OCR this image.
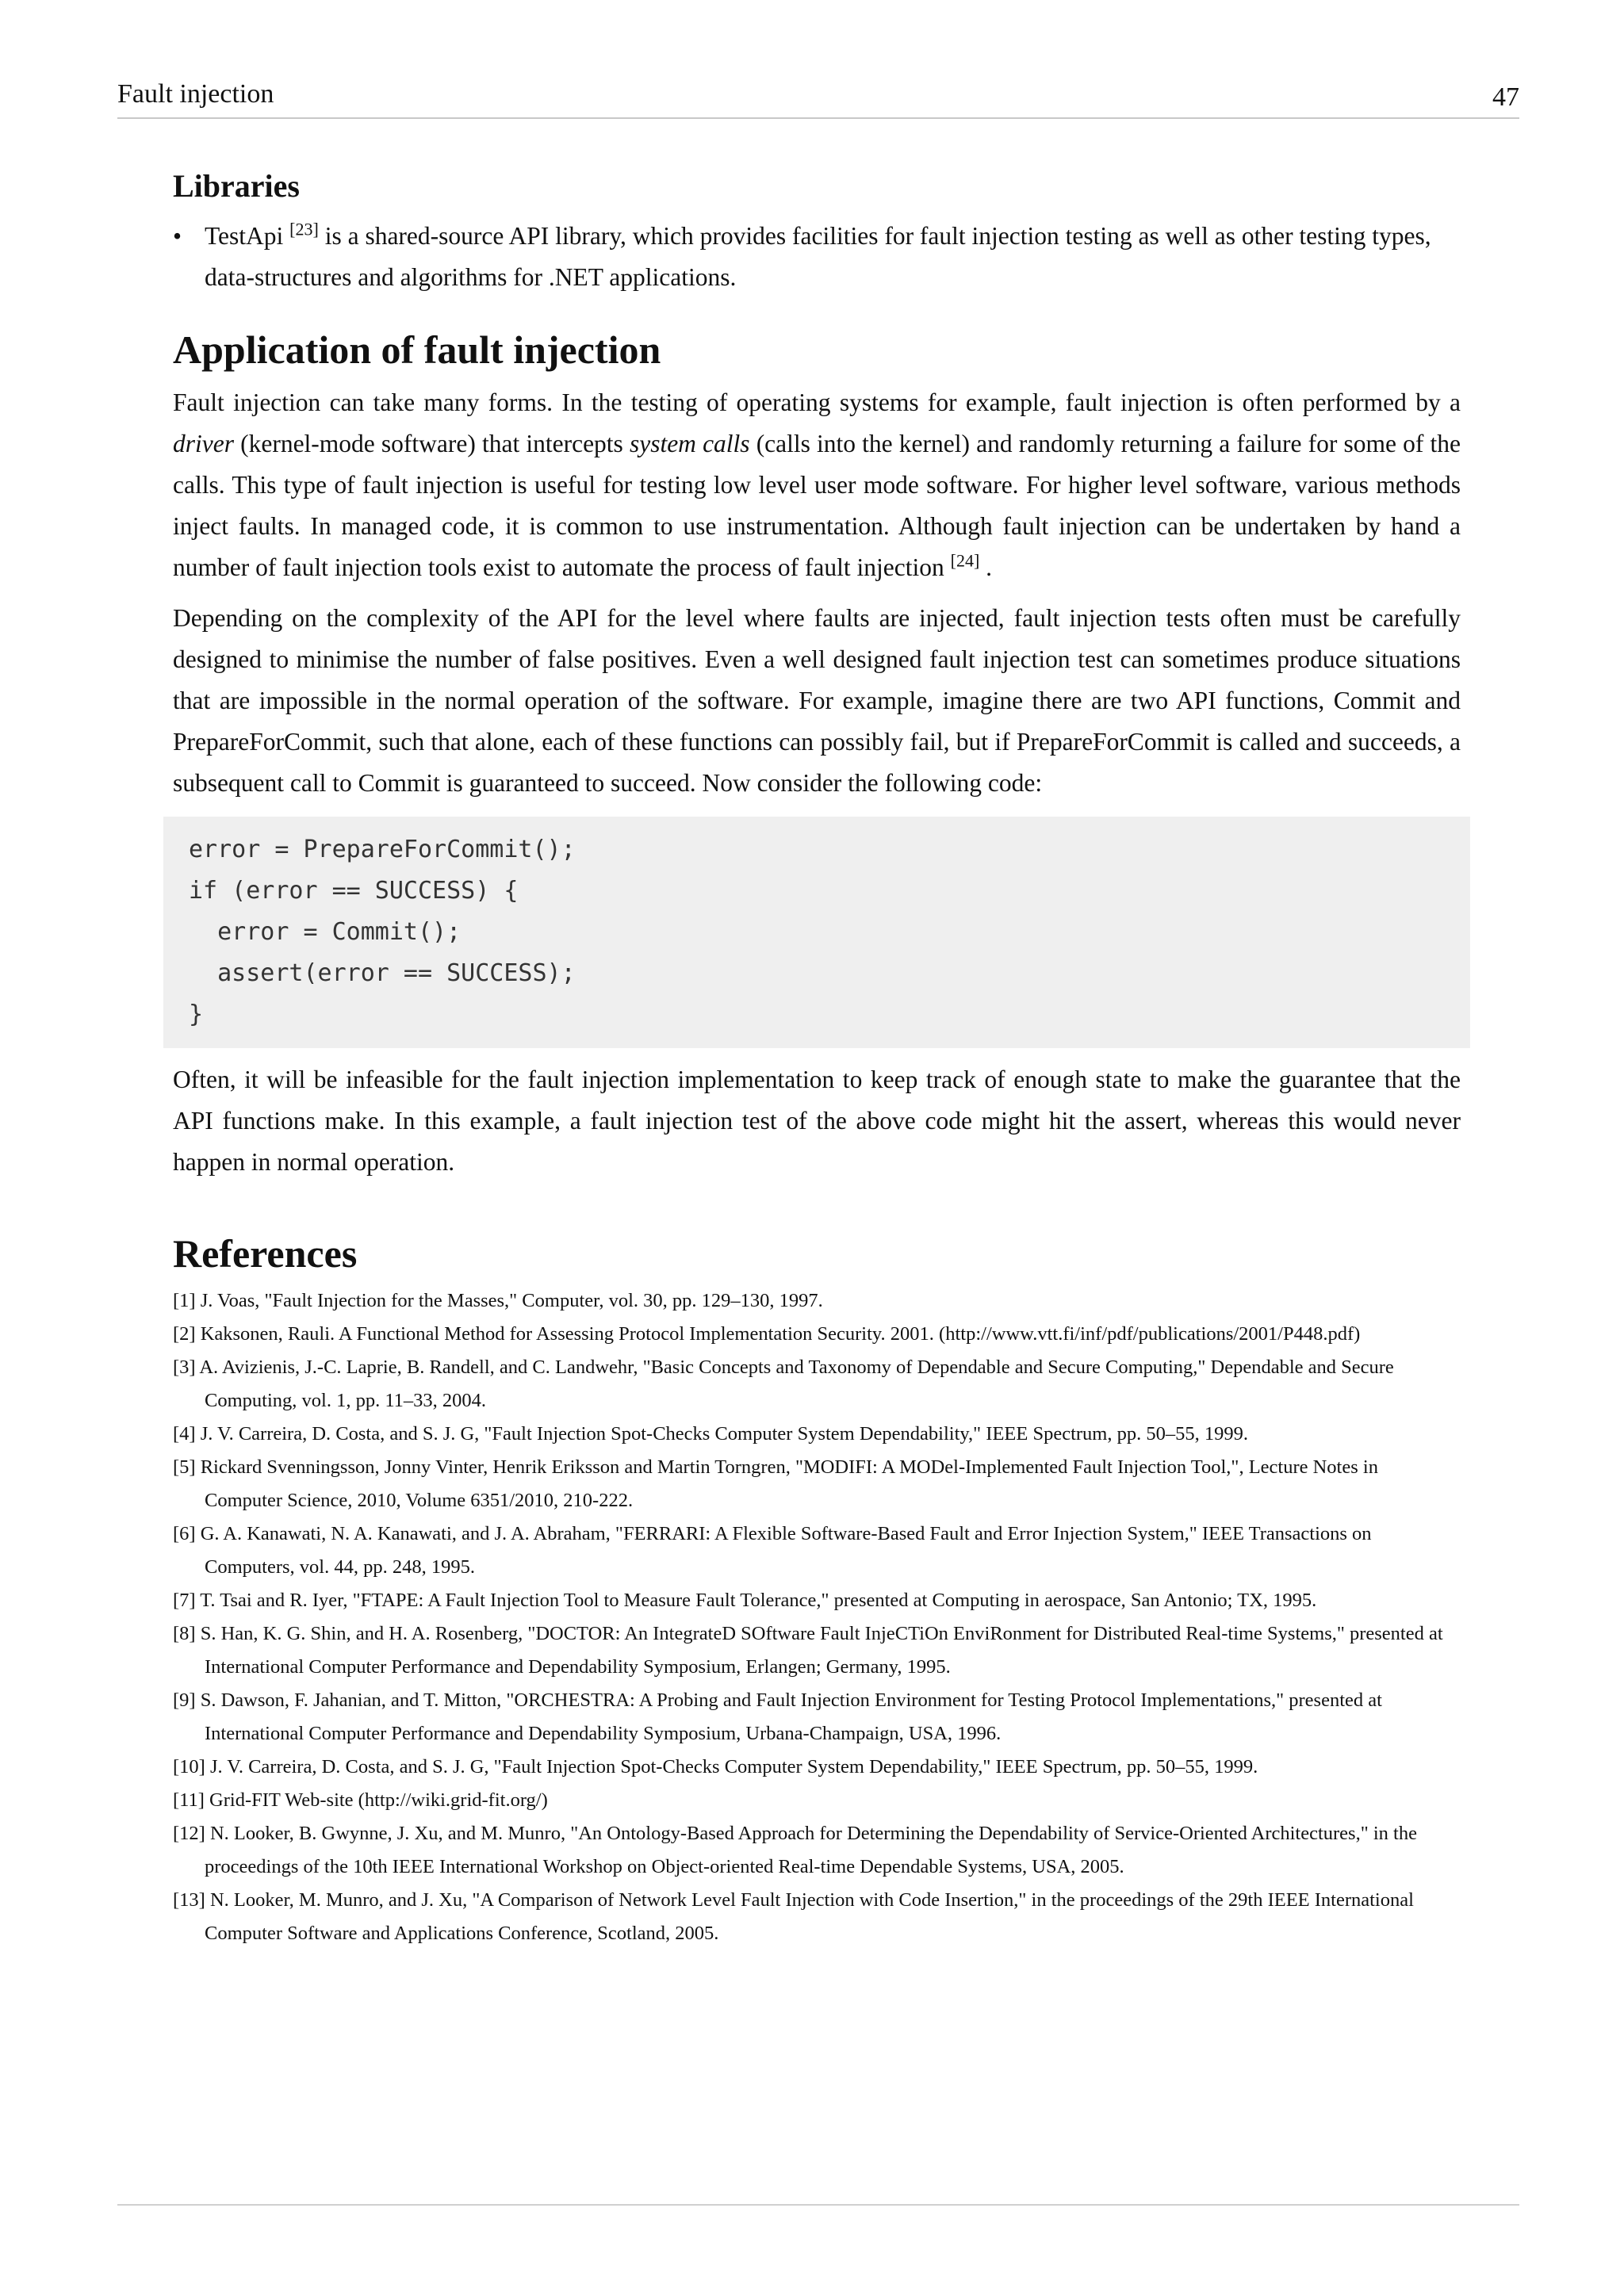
Fault injection	47
Libraries
• TestApi [23] is a shared-source API library, which provides facilities for fault injection testing as well as other testing types, data-structures and algorithms for .NET applications.
Application of fault injection

Fault injection can take many forms. In the testing of operating systems for example, fault injection is often performed by a driver (kernel-mode software) that intercepts system calls (calls into the kernel) and randomly returning a failure for some of the calls. This type of fault injection is useful for testing low level user mode software. For higher level software, various methods inject faults. In managed code, it is common to use instrumentation. Although fault injection can be undertaken by hand a number of fault injection tools exist to automate the process of fault injection [24] .

Depending on the complexity of the API for the level where faults are injected, fault injection tests often must be carefully designed to minimise the number of false positives. Even a well designed fault injection test can sometimes produce situations that are impossible in the normal operation of the software. For example, imagine there are two API functions, Commit and PrepareForCommit, such that alone, each of these functions can possibly fail, but if PrepareForCommit is called and succeeds, a subsequent call to Commit is guaranteed to succeed. Now consider the following code:

error = PrepareForCommit();
if (error == SUCCESS) {
error = Commit();
assert(error == SUCCESS);
}

Often, it will be infeasible for the fault injection implementation to keep track of enough state to make the guarantee that the API functions make. In this example, a fault injection test of the above code might hit the assert, whereas this would never happen in normal operation.

References
[1] J. Voas, "Fault Injection for the Masses," Computer, vol. 30, pp. 129–130, 1997.
[2] Kaksonen, Rauli. A Functional Method for Assessing Protocol Implementation Security. 2001. (http://www.vtt.fi/inf/pdf/publications/2001/P448.pdf)
[3] A. Avizienis, J.-C. Laprie, B. Randell, and C. Landwehr, "Basic Concepts and Taxonomy of Dependable and Secure Computing," Dependable and Secure Computing, vol. 1, pp. 11–33, 2004.
[4] J. V. Carreira, D. Costa, and S. J. G, "Fault Injection Spot-Checks Computer System Dependability," IEEE Spectrum, pp. 50–55, 1999.
[5] Rickard Svenningsson, Jonny Vinter, Henrik Eriksson and Martin Torngren, "MODIFI: A MODel-Implemented Fault Injection Tool,", Lecture Notes in Computer Science, 2010, Volume 6351/2010, 210-222.
[6] G. A. Kanawati, N. A. Kanawati, and J. A. Abraham, "FERRARI: A Flexible Software-Based Fault and Error Injection System," IEEE Transactions on Computers, vol. 44, pp. 248, 1995.
[7] T. Tsai and R. Iyer, "FTAPE: A Fault Injection Tool to Measure Fault Tolerance," presented at Computing in aerospace, San Antonio; TX, 1995.
[8] S. Han, K. G. Shin, and H. A. Rosenberg, "DOCTOR: An IntegrateD SOftware Fault InjeCTiOn EnviRonment for Distributed Real-time Systems," presented at International Computer Performance and Dependability Symposium, Erlangen; Germany, 1995.
[9] S. Dawson, F. Jahanian, and T. Mitton, "ORCHESTRA: A Probing and Fault Injection Environment for Testing Protocol Implementations," presented at International Computer Performance and Dependability Symposium, Urbana-Champaign, USA, 1996.
[10] J. V. Carreira, D. Costa, and S. J. G, "Fault Injection Spot-Checks Computer System Dependability," IEEE Spectrum, pp. 50–55, 1999.
[11] Grid-FIT Web-site (http://wiki.grid-fit.org/)
[12] N. Looker, B. Gwynne, J. Xu, and M. Munro, "An Ontology-Based Approach for Determining the Dependability of Service-Oriented Architectures," in the proceedings of the 10th IEEE International Workshop on Object-oriented Real-time Dependable Systems, USA, 2005.
[13] N. Looker, M. Munro, and J. Xu, "A Comparison of Network Level Fault Injection with Code Insertion," in the proceedings of the 29th IEEE International Computer Software and Applications Conference, Scotland, 2005.
